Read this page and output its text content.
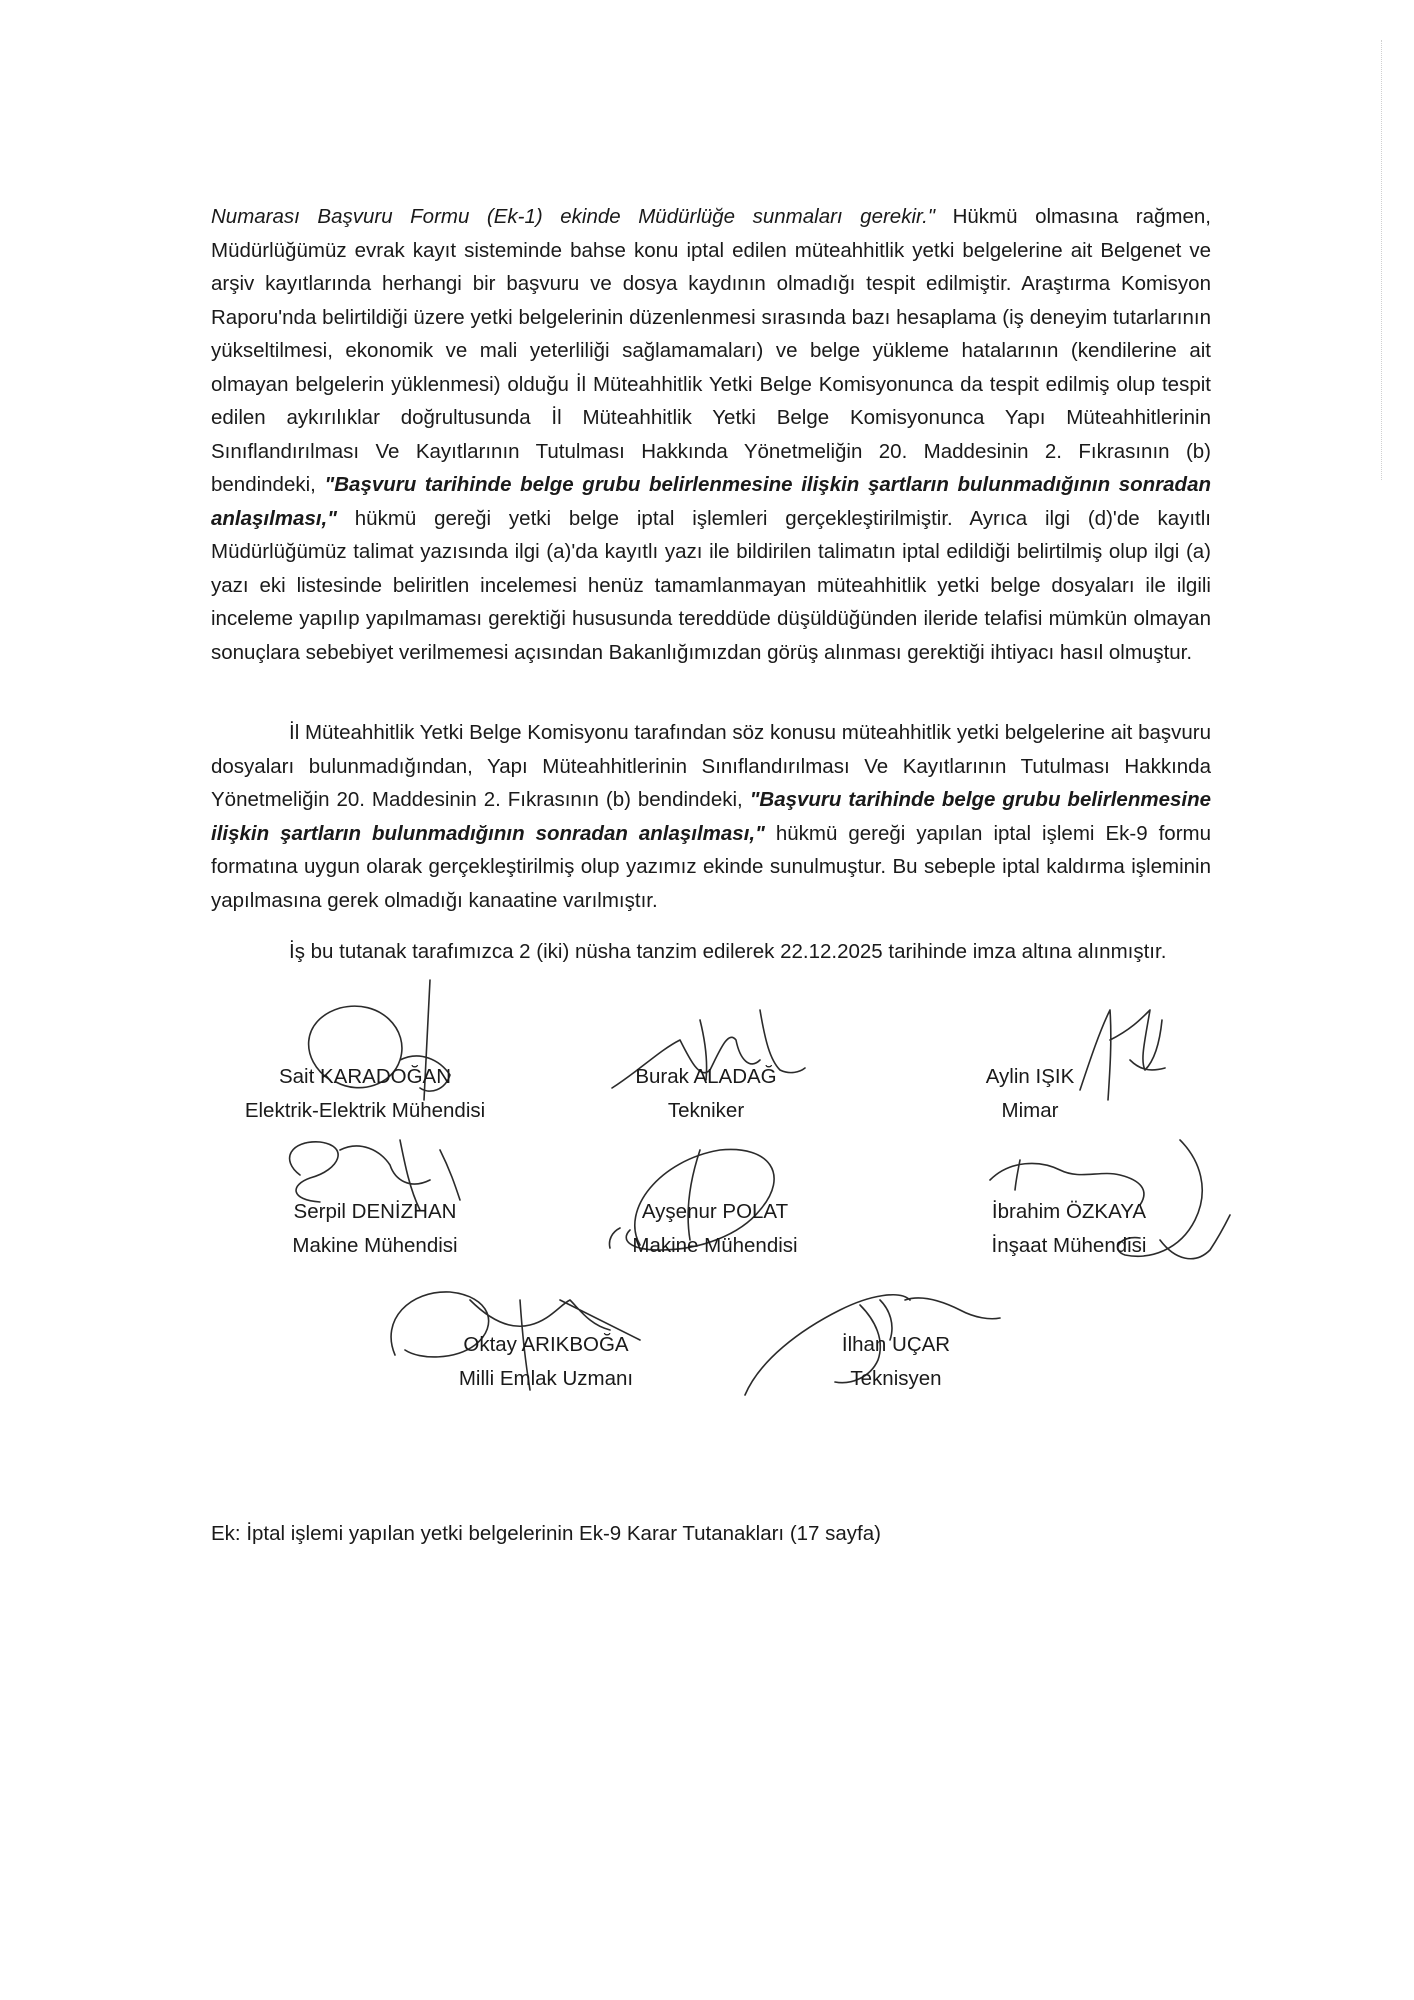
Numarası Başvuru Formu (Ek-1) ekinde Müdürlüğe sunmaları gerekir." Hükmü olmasına rağmen, Müdürlüğümüz evrak kayıt sisteminde bahse konu iptal edilen müteahhitlik yetki belgelerine ait Belgenet ve arşiv kayıtlarında herhangi bir başvuru ve dosya kaydının olmadığı tespit edilmiştir. Araştırma Komisyon Raporu'nda belirtildiği üzere yetki belgelerinin düzenlenmesi sırasında bazı hesaplama (iş deneyim tutarlarının yükseltilmesi, ekonomik ve mali yeterliliği sağlamamaları) ve belge yükleme hatalarının (kendilerine ait olmayan belgelerin yüklenmesi) olduğu İl Müteahhitlik Yetki Belge Komisyonunca da tespit edilmiş olup tespit edilen aykırılıklar doğrultusunda İl Müteahhitlik Yetki Belge Komisyonunca Yapı Müteahhitlerinin Sınıflandırılması Ve Kayıtlarının Tutulması Hakkında Yönetmeliğin 20. Maddesinin 2. Fıkrasının (b) bendindeki, "Başvuru tarihinde belge grubu belirlenmesine ilişkin şartların bulunmadığının sonradan anlaşılması," hükmü gereği yetki belge iptal işlemleri gerçekleştirilmiştir. Ayrıca ilgi (d)'de kayıtlı Müdürlüğümüz talimat yazısında ilgi (a)'da kayıtlı yazı ile bildirilen talimatın iptal edildiği belirtilmiş olup ilgi (a) yazı eki listesinde beliritlen incelemesi henüz tamamlanmayan müteahhitlik yetki belge dosyaları ile ilgili inceleme yapılıp yapılmaması gerektiği hususunda tereddüde düşüldüğünden ileride telafisi mümkün olmayan sonuçlara sebebiyet verilmemesi açısından Bakanlığımızdan görüş alınması gerektiği ihtiyacı hasıl olmuştur.
İl Müteahhitlik Yetki Belge Komisyonu tarafından söz konusu müteahhitlik yetki belgelerine ait başvuru dosyaları bulunmadığından, Yapı Müteahhitlerinin Sınıflandırılması Ve Kayıtlarının Tutulması Hakkında Yönetmeliğin 20. Maddesinin 2. Fıkrasının (b) bendindeki, "Başvuru tarihinde belge grubu belirlenmesine ilişkin şartların bulunmadığının sonradan anlaşılması," hükmü gereği yapılan iptal işlemi Ek-9 formu formatına uygun olarak gerçekleştirilmiş olup yazımız ekinde sunulmuştur. Bu sebeple iptal kaldırma işleminin yapılmasına gerek olmadığı kanaatine varılmıştır.
İş bu tutanak tarafımızca 2 (iki) nüsha tanzim edilerek 22.12.2025 tarihinde imza altına alınmıştır.
Sait KARADOĞAN
Elektrik-Elektrik Mühendisi
Burak ALADAĞ
Tekniker
Aylin IŞIK
Mimar
Serpil DENİZHAN
Makine Mühendisi
Ayşenur POLAT
Makine Mühendisi
İbrahim ÖZKAYA
İnşaat Mühendisi
Oktay ARIKBOĞA
Milli Emlak Uzmanı
İlhan UÇAR
Teknisyen
Ek: İptal işlemi yapılan yetki belgelerinin Ek-9 Karar Tutanakları (17 sayfa)
